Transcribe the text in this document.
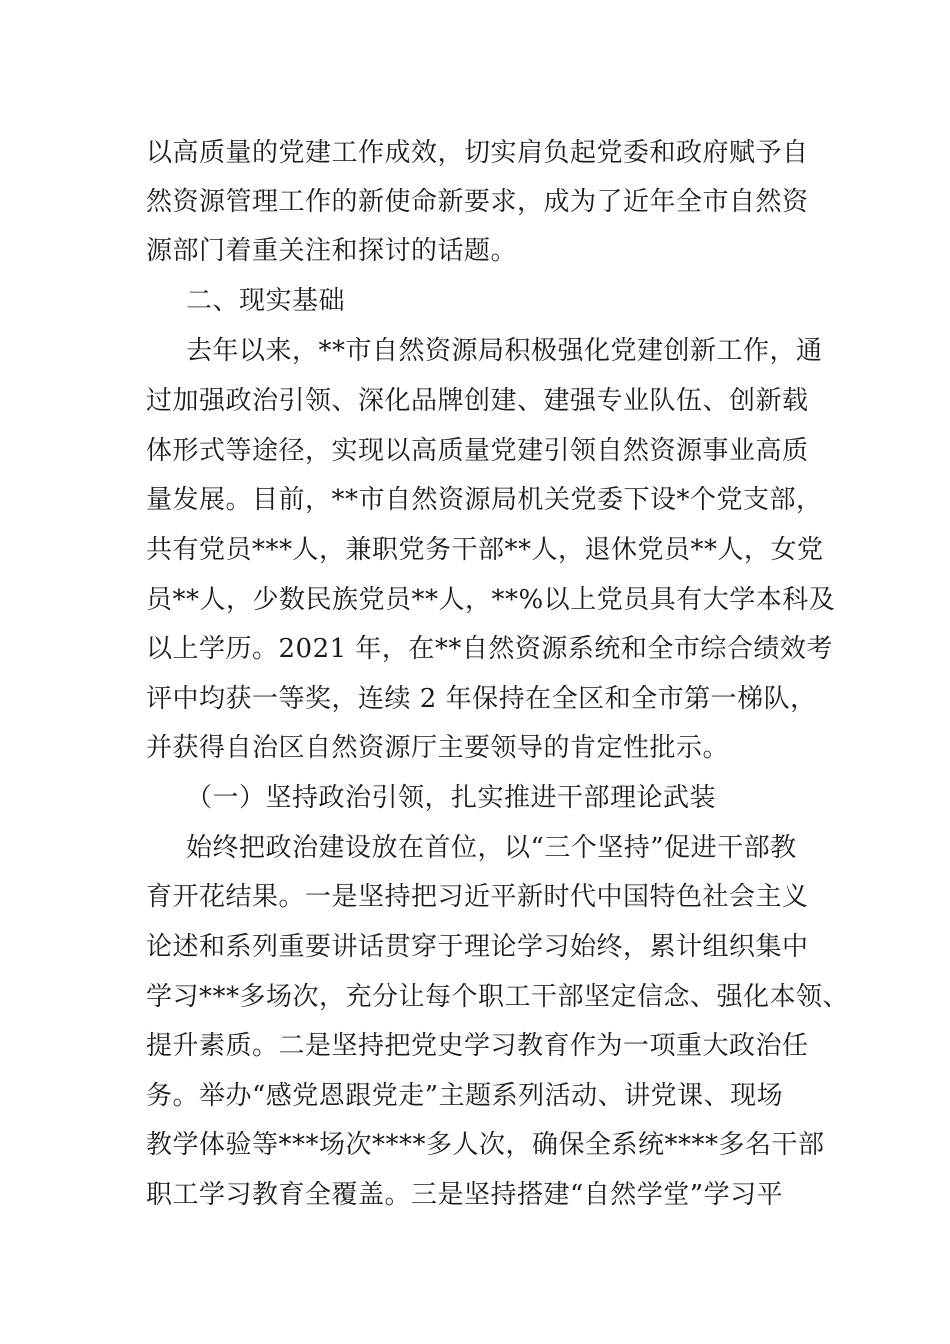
以高质量的党建工作成效，切实肩负起党委和政府赋予自
然资源管理工作的新使命新要求，成为了近年全市自然资
源部门着重关注和探讨的话题。
二、现实基础
去年以来，**市自然资源局积极强化党建创新工作，通
过加强政治引领、深化品牌创建、建强专业队伍、创新载
体形式等途径，实现以高质量党建引领自然资源事业高质
量发展。目前，**市自然资源局机关党委下设*个党支部，
共有党员***人，兼职党务干部**人，退休党员**人，女党
员**人，少数民族党员**人，**%以上党员具有大学本科及
以上学历。2021 年，在**自然资源系统和全市综合绩效考
评中均获一等奖，连续 2 年保持在全区和全市第一梯队，
并获得自治区自然资源厅主要领导的肯定性批示。
（一）坚持政治引领，扎实推进干部理论武装
始终把政治建设放在首位，以“三个坚持”促进干部教
育开花结果。一是坚持把习近平新时代中国特色社会主义
论述和系列重要讲话贯穿于理论学习始终，累计组织集中
学习***多场次，充分让每个职工干部坚定信念、强化本领、
提升素质。二是坚持把党史学习教育作为一项重大政治任
务。举办“感党恩跟党走”主题系列活动、讲党课、现场
教学体验等***场次****多人次，确保全系统****多名干部
职工学习教育全覆盖。三是坚持搭建“自然学堂”学习平
